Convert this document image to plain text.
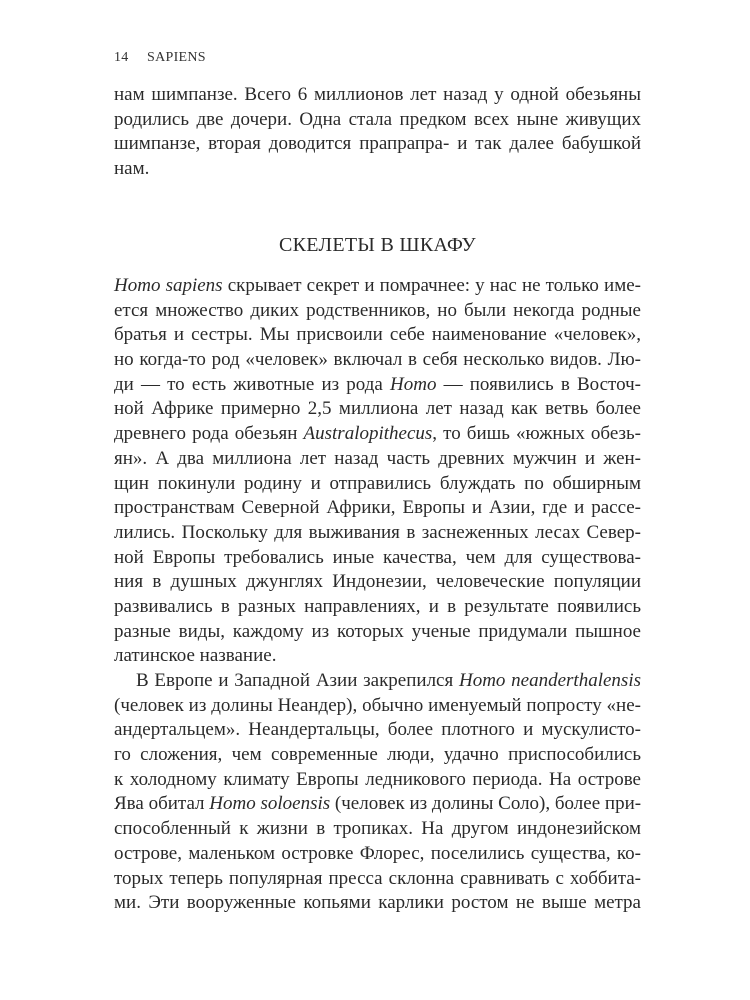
14 SAPIENS
нам шимпанзе. Всего 6 миллионов лет назад у одной обезьяны
родились две дочери. Одна стала предком всех ныне живущих
шимпанзе, вторая доводится прапрапра- и так далее бабушкой
нам.
СКЕЛЕТЫ В ШКАФУ
Homo sapiens скрывает секрет и помрачнее: у нас не только име-
ется множество диких родственников, но были некогда родные
братья и сестры. Мы присвоили себе наименование «человек»,
но когда-то род «человек» включал в себя несколько видов. Лю-
ди — то есть животные из рода Homo — появились в Восточ-
ной Африке примерно 2,5 миллиона лет назад как ветвь более
древнего рода обезьян Australopithecus, то бишь «южных обезь-
ян». А два миллиона лет назад часть древних мужчин и жен-
щин покинули родину и отправились блуждать по обширным
пространствам Северной Африки, Европы и Азии, где и рассе-
лились. Поскольку для выживания в заснеженных лесах Север-
ной Европы требовались иные качества, чем для существова-
ния в душных джунглях Индонезии, человеческие популяции
развивались в разных направлениях, и в результате появились
разные виды, каждому из которых ученые придумали пышное
латинское название.
В Европе и Западной Азии закрепился Homo neanderthalensis
(человек из долины Неандер), обычно именуемый попросту «не-
андертальцем». Неандертальцы, более плотного и мускулисто-
го сложения, чем современные люди, удачно приспособились
к холодному климату Европы ледникового периода. На острове
Ява обитал Homo soloensis (человек из долины Соло), более при-
способленный к жизни в тропиках. На другом индонезийском
острове, маленьком островке Флорес, поселились существа, ко-
торых теперь популярная пресса склонна сравнивать с хоббита-
ми. Эти вооруженные копьями карлики ростом не выше метра
